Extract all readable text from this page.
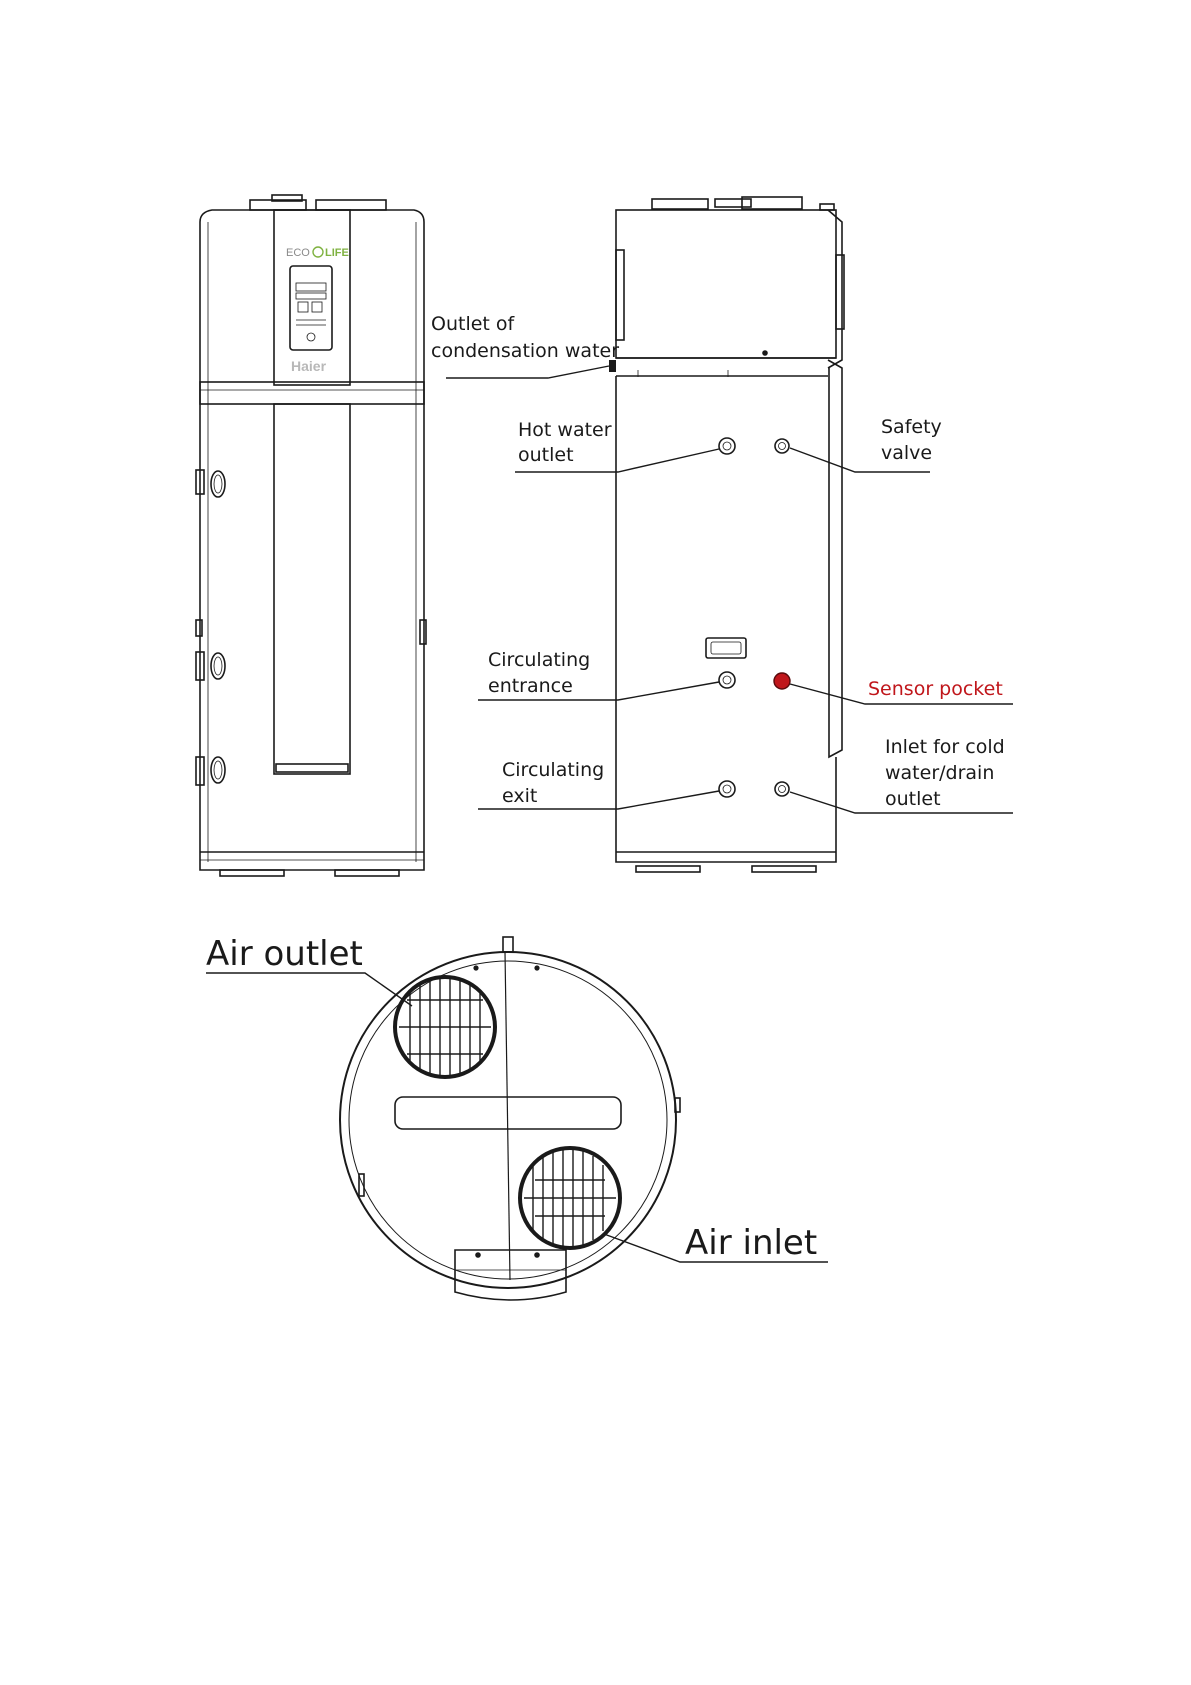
ECO LIFE
Haier
Outlet of condensation water
Hot water outlet
Safety valve
Circulating entrance	Sensor pocket
Circulating exit
Inlet for cold water/drain outlet
Air outlet
Air inlet
